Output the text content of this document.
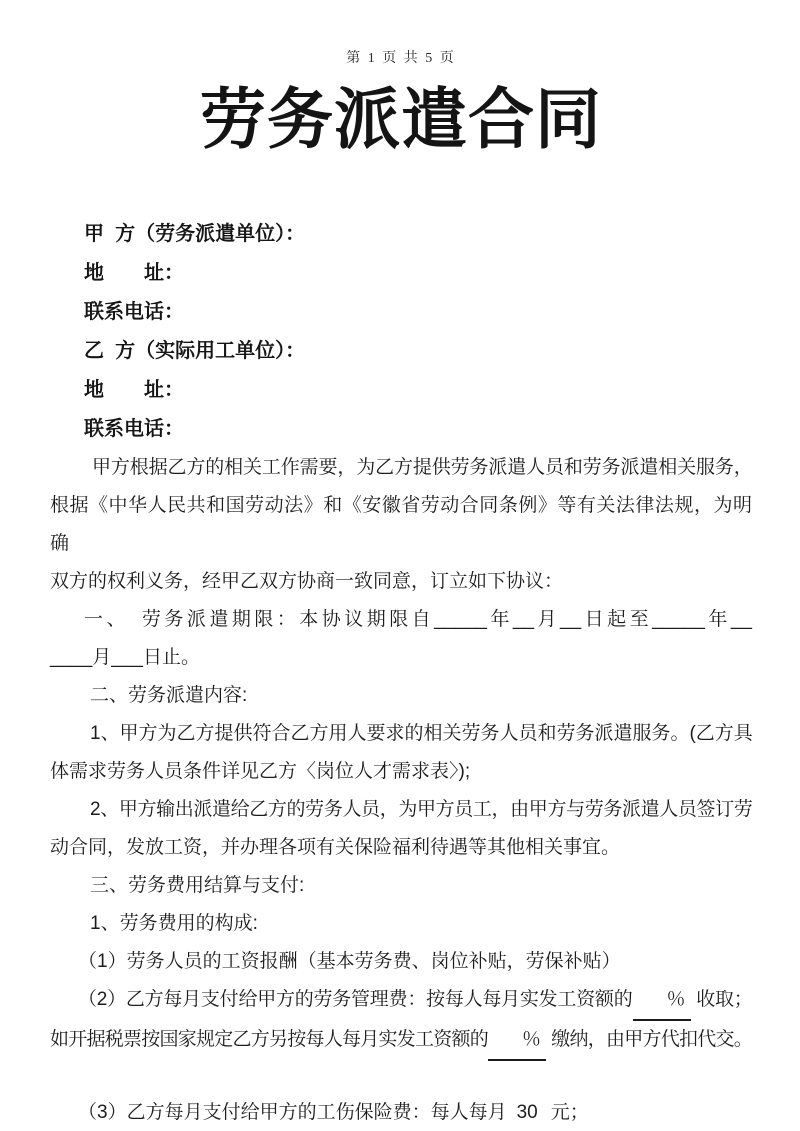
第 1 页 共 5 页
劳务派遣合同
甲  方（劳务派遣单位）：
地　　址：
联系电话：
乙  方（实际用工单位）：
地　　址：
联系电话：
甲方根据乙方的相关工作需要，为乙方提供劳务派遣人员和劳务派遣相关服务，
根据《中华人民共和国劳动法》和《安徽省劳动合同条例》等有关法律法规，为明确
双方的权利义务，经甲乙双方协商一致同意，订立如下协议：
一、　劳务派遣期限：本协议期限自_____年__月__日起至_____年__
____月___日止。
二、劳务派遣内容:
1、甲方为乙方提供符合乙方用人要求的相关劳务人员和劳务派遣服务。(乙方具
体需求劳务人员条件详见乙方〈岗位人才需求表〉);
2、甲方输出派遣给乙方的劳务人员，为甲方员工，由甲方与劳务派遣人员签订劳
动合同，发放工资，并办理各项有关保险福利待遇等其他相关事宜。
三、劳务费用结算与支付:
1、劳务费用的构成:
（1）劳务人员的工资报酬（基本劳务费、岗位补贴，劳保补贴）
（2）乙方每月支付给甲方的劳务管理费：按每人每月实发工资额的 ％ 收取；
如开据税票按国家规定乙方另按每人每月实发工资额的 ％ 缴纳，由甲方代扣代交。
（3）乙方每月支付给甲方的工伤保险费：每人每月 30 元；
